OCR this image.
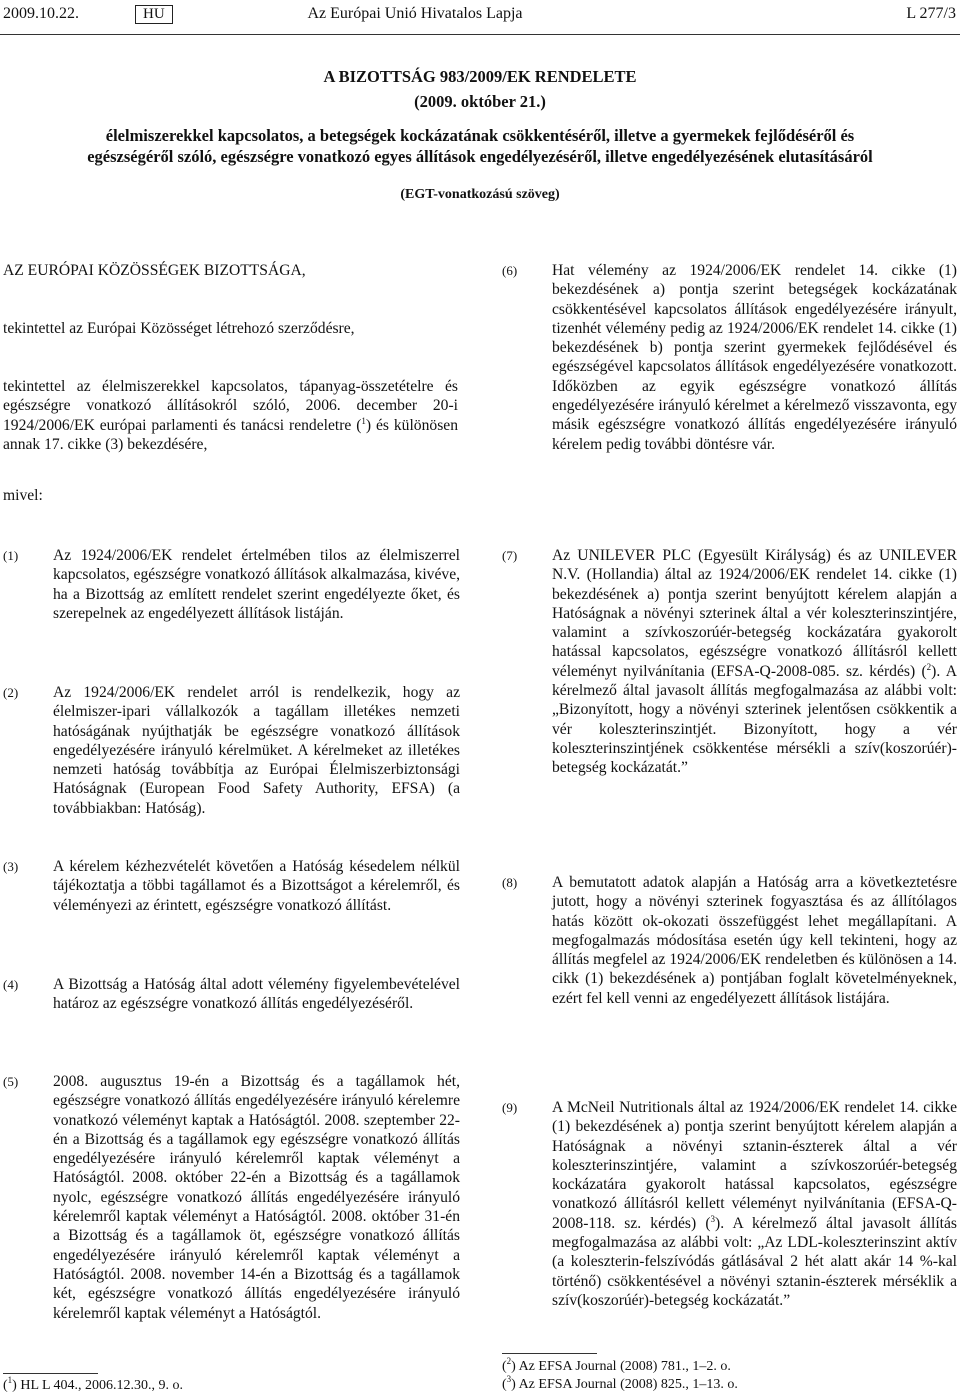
2009.10.22.	HU	Az Európai Unió Hivatalos Lapja	L 277/3
A BIZOTTSÁG 983/2009/EK RENDELETE
(2009. október 21.)
élelmiszerekkel kapcsolatos, a betegségek kockázatának csökkentéséről, illetve a gyermekek fejlődéséről és egészségéről szóló, egészségre vonatkozó egyes állítások engedélyezéséről, illetve engedélyezésének elutasításáról
(EGT-vonatkozású szöveg)

AZ EURÓPAI KÖZÖSSÉGEK BIZOTTSÁGA,

tekintettel az Európai Közösséget létrehozó szerződésre,

tekintettel az élelmiszerekkel kapcsolatos, tápanyag-összetételre és egészségre vonatkozó állításokról szóló, 2006. december 20-i 1924/2006/EK európai parlamenti és tanácsi rendeletre ($^1$) és különösen annak 17. cikke (3) bekezdésére,

mivel:

(1) Az 1924/2006/EK rendelet értelmében tilos az élelmiszerrel kapcsolatos, egészségre vonatkozó állítások alkalmazása, kivéve, ha a Bizottság az említett rendelet szerint engedélyezte őket, és szerepelnek az engedélyezett állítások listáján.

(2) Az 1924/2006/EK rendelet arról is rendelkezik, hogy az élelmiszer-ipari vállalkozók a tagállam illetékes nemzeti hatóságának nyújthatják be egészségre vonatkozó állítások engedélyezésére irányuló kérelmüket. A kérelmeket az illetékes nemzeti hatóság továbbítja az Európai Élelmiszerbiztonsági Hatóságnak (European Food Safety Authority, EFSA) (a továbbiakban: Hatóság).

(3) A kérelem kézhezvételét követően a Hatóság késedelem nélkül tájékoztatja a többi tagállamot és a Bizottságot a kérelemről, és véleményezi az érintett, egészségre vonatkozó állítást.

(4) A Bizottság a Hatóság által adott vélemény figyelembevételével határoz az egészségre vonatkozó állítás engedélyezéséről.

(5) 2008. augusztus 19-én a Bizottság és a tagállamok hét, egészségre vonatkozó állítás engedélyezésére irányuló kérelemre vonatkozó véleményt kaptak a Hatóságtól. 2008. szeptember 22-én a Bizottság és a tagállamok egy egészségre vonatkozó állítás engedélyezésére irányuló kérelemről kaptak véleményt a Hatóságtól. 2008. október 22-én a Bizottság és a tagállamok nyolc, egészségre vonatkozó állítás engedélyezésére irányuló kérelemről kaptak véleményt a Hatóságtól. 2008. október 31-én a Bizottság és a tagállamok öt, egészségre vonatkozó állítás engedélyezésére irányuló kérelemről kaptak véleményt a Hatóságtól. 2008. november 14-én a Bizottság és a tagállamok két, egészségre vonatkozó állítás engedélyezésére irányuló kérelemről kaptak véleményt a Hatóságtól.

(6) Hat vélemény az 1924/2006/EK rendelet 14. cikke (1) bekezdésének a) pontja szerint betegségek kockázatának csökkentésével kapcsolatos állítások engedélyezésére irányult, tizenhét vélemény pedig az 1924/2006/EK rendelet 14. cikke (1) bekezdésének b) pontja szerint gyermekek fejlődésével és egészségével kapcsolatos állítások engedélyezésére vonatkozott. Időközben az egyik egészségre vonatkozó állítás engedélyezésére irányuló kérelmet a kérelmező visszavonta, egy másik egészségre vonatkozó állítás engedélyezésére irányuló kérelem pedig további döntésre vár.

(7) Az UNILEVER PLC (Egyesült Királyság) és az UNILEVER N.V. (Hollandia) által az 1924/2006/EK rendelet 14. cikke (1) bekezdésének a) pontja szerint benyújtott kérelem alapján a Hatóságnak a növényi szterinek által a vér koleszterinszintjére, valamint a szívkoszorúér-betegség kockázatára gyakorolt hatással kapcsolatos, egészségre vonatkozó állításról kellett véleményt nyilvánítania (EFSA-Q-2008-085. sz. kérdés) ($^2$). A kérelmező által javasolt állítás megfogalmazása az alábbi volt: „Bizonyított, hogy a növényi szterinek jelentősen csökkentik a vér koleszterinszintjét. Bizonyított, hogy a vér koleszterinszintjének csökkentése mérsékli a szív(koszorúér)-betegség kockázatát.”

(8) A bemutatott adatok alapján a Hatóság arra a következtetésre jutott, hogy a növényi szterinek fogyasztása és az állítólagos hatás között ok-okozati összefüggést lehet megállapítani. A megfogalmazás módosítása esetén úgy kell tekinteni, hogy az állítás megfelel az 1924/2006/EK rendeletben és különösen a 14. cikk (1) bekezdésének a) pontjában foglalt követelményeknek, ezért fel kell venni az engedélyezett állítások listájára.

(9) A McNeil Nutritionals által az 1924/2006/EK rendelet 14. cikke (1) bekezdésének a) pontja szerint benyújtott kérelem alapján a Hatóságnak a növényi sztanin-észterek által a vér koleszterinszintjére, valamint a szívkoszorúér-betegség kockázatára gyakorolt hatással kapcsolatos, egészségre vonatkozó állításról kellett véleményt nyilvánítania (EFSA-Q-2008-118. sz. kérdés) ($^3$). A kérelmező által javasolt állítás megfogalmazása az alábbi volt: „Az LDL-koleszterinszint aktív (a koleszterin-felszívódás gátlásával 2 hét alatt akár 14 %-kal történő) csökkentésével a növényi sztanin-észterek mérséklik a szív(koszorúér)-betegség kockázatát.”

($^1$) HL L 404., 2006.12.30., 9. o.
($^2$) Az EFSA Journal (2008) 781., 1–2. o.
($^3$) Az EFSA Journal (2008) 825., 1–13. o.
